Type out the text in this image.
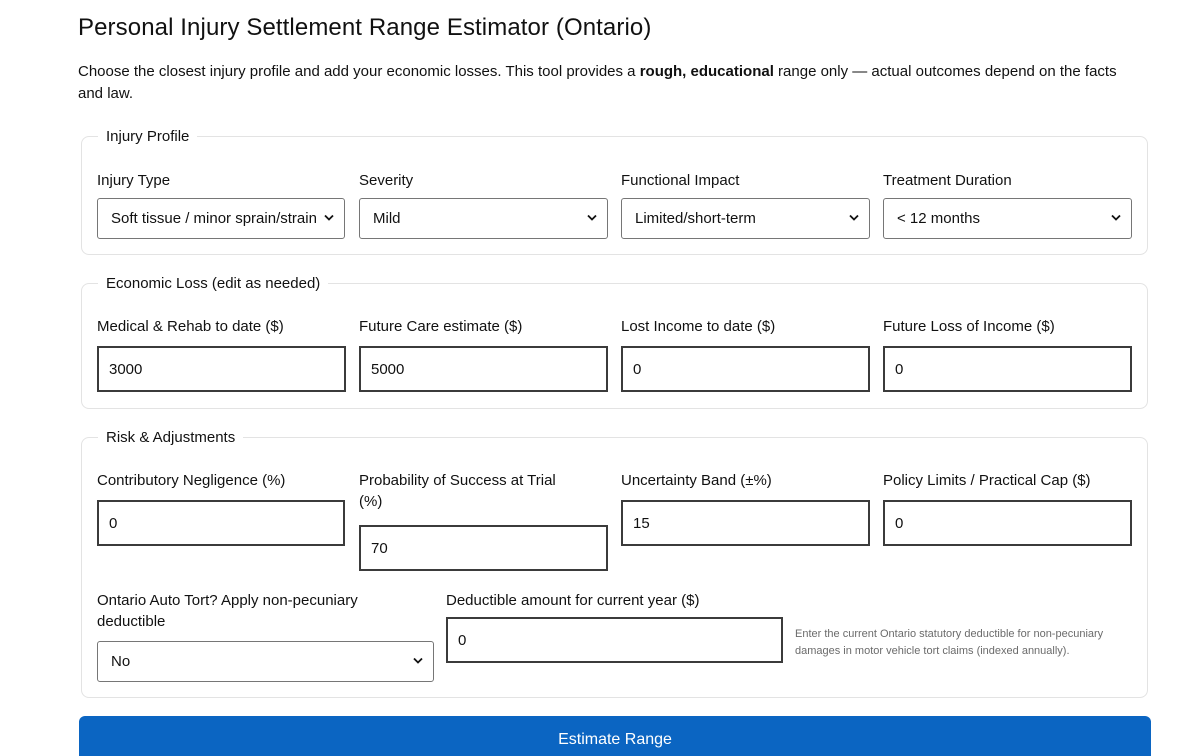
Personal Injury Settlement Range Estimator (Ontario)

Choose the closest injury profile and add your economic losses. This tool provides a rough, educational range only — actual outcomes depend on the facts and law.

Injury Profile
Injury Type
Soft tissue / minor sprain/strain
Severity
Mild
Functional Impact
Limited/short-term
Treatment Duration
< 12 months
Economic Loss (edit as needed)
Medical & Rehab to date ($)
3000
Future Care estimate ($)
5000
Lost Income to date ($)
0
Future Loss of Income ($)
0
Risk & Adjustments
Contributory Negligence (%)
0
Probability of Success at Trial
(%)
70
Uncertainty Band (±%)
15
Policy Limits / Practical Cap ($)
0
Ontario Auto Tort? Apply non-pecuniary
deductible
No
Deductible amount for current year ($)
0	Enter the current Ontario statutory deductible for non-pecuniary damages in motor vehicle tort claims (indexed annually).
Estimate Range
